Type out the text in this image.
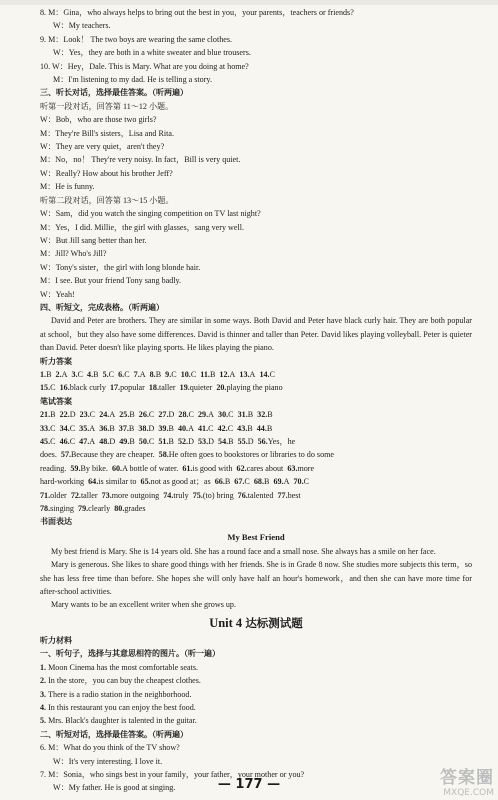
8. M：Gina，who always helps to bring out the best in you，your parents，teachers or friends?
W：My teachers.
9. M：Look！ The two boys are wearing the same clothes.
W：Yes，they are both in a white sweater and blue trousers.
10. W：Hey，Dale. This is Mary. What are you doing at home?
M：I'm listening to my dad. He is telling a story.
三、听长对话，选择最佳答案。（听两遍）
听第一段对话，回答第 11～12 小题。
W：Bob，who are those two girls?
M：They're Bill's sisters，Lisa and Rita.
W：They are very quiet，aren't they?
M：No，no！ They're very noisy. In fact，Bill is very quiet.
W：Really? How about his brother Jeff?
M：He is funny.
听第二段对话，回答第 13～15 小题。
W：Sam，did you watch the singing competition on TV last night?
M：Yes，I did. Millie，the girl with glasses，sang very well.
W：But Jill sang better than her.
M：Jill? Who's Jill?
W：Tony's sister，the girl with long blonde hair.
M：I see. But your friend Tony sang badly.
W：Yeah!
四、听短文，完成表格。（听两遍）
David and Peter are brothers. They are similar in some ways. Both David and Peter have black curly hair. They are both popular at school，but they also have some differences. David is thinner and taller than Peter. David likes playing volleyball. Peter is quieter than David. Peter doesn't like playing sports. He likes playing the piano.
听力答案
1.B  2.A  3.C  4.B  5.C  6.C  7.A  8.B  9.C  10.C  11.B  12.A  13.A  14.C 
15.C  16.black curly  17.popular  18.taller  19.quieter  20.playing the piano 
笔试答案
21.B  22.D  23.C  24.A  25.B  26.C  27.D  28.C  29.A  30.C  31.B  32.B 
33.C  34.C  35.A  36.B  37.B  38.D  39.B  40.A  41.C  42.C  43.B  44.B 
45.C  46.C  47.A  48.D  49.B  50.C  51.B  52.D  53.D  54.B  55.D  56.Yes，he 
does.  57.Because they are cheaper.  58.He often goes to bookstores or libraries to do some 
reading.  59.By bike.  60.A bottle of water.  61.is good with  62.cares about  63.more 
hard-working  64.is similar to  65.not as good at；as  66.B  67.C  68.B  69.A  70.C 
71.older  72.taller  73.more outgoing  74.truly  75.(to) bring  76.talented  77.best 
78.singing  79.clearly  80.grades 
书面表达
My Best Friend
My best friend is Mary. She is 14 years old. She has a round face and a small nose. She always has a smile on her face.
Mary is generous. She likes to share good things with her friends. She is in Grade 8 now. She studies more subjects this term，so she has less free time than before. She hopes she will only have half an hour's homework，and then she can have more time for after-school activities.
Mary wants to be an excellent writer when she grows up.
Unit 4 达标测试题
听力材料
一、听句子，选择与其意思相符的图片。（听一遍）
1. Moon Cinema has the most comfortable seats.
2. In the store，you can buy the cheapest clothes.
3. There is a radio station in the neighborhood.
4. In this restaurant you can enjoy the best food.
5. Mrs. Black's daughter is talented in the guitar.
二、听短对话，选择最佳答案。（听两遍）
6. M：What do you think of the TV show?
W：It's very interesting. I love it.
7. M：Sonia，who sings best in your family，your father，your mother or you?
W：My father. He is good at singing.	— 177 —	答案圈
MXQE.COM
